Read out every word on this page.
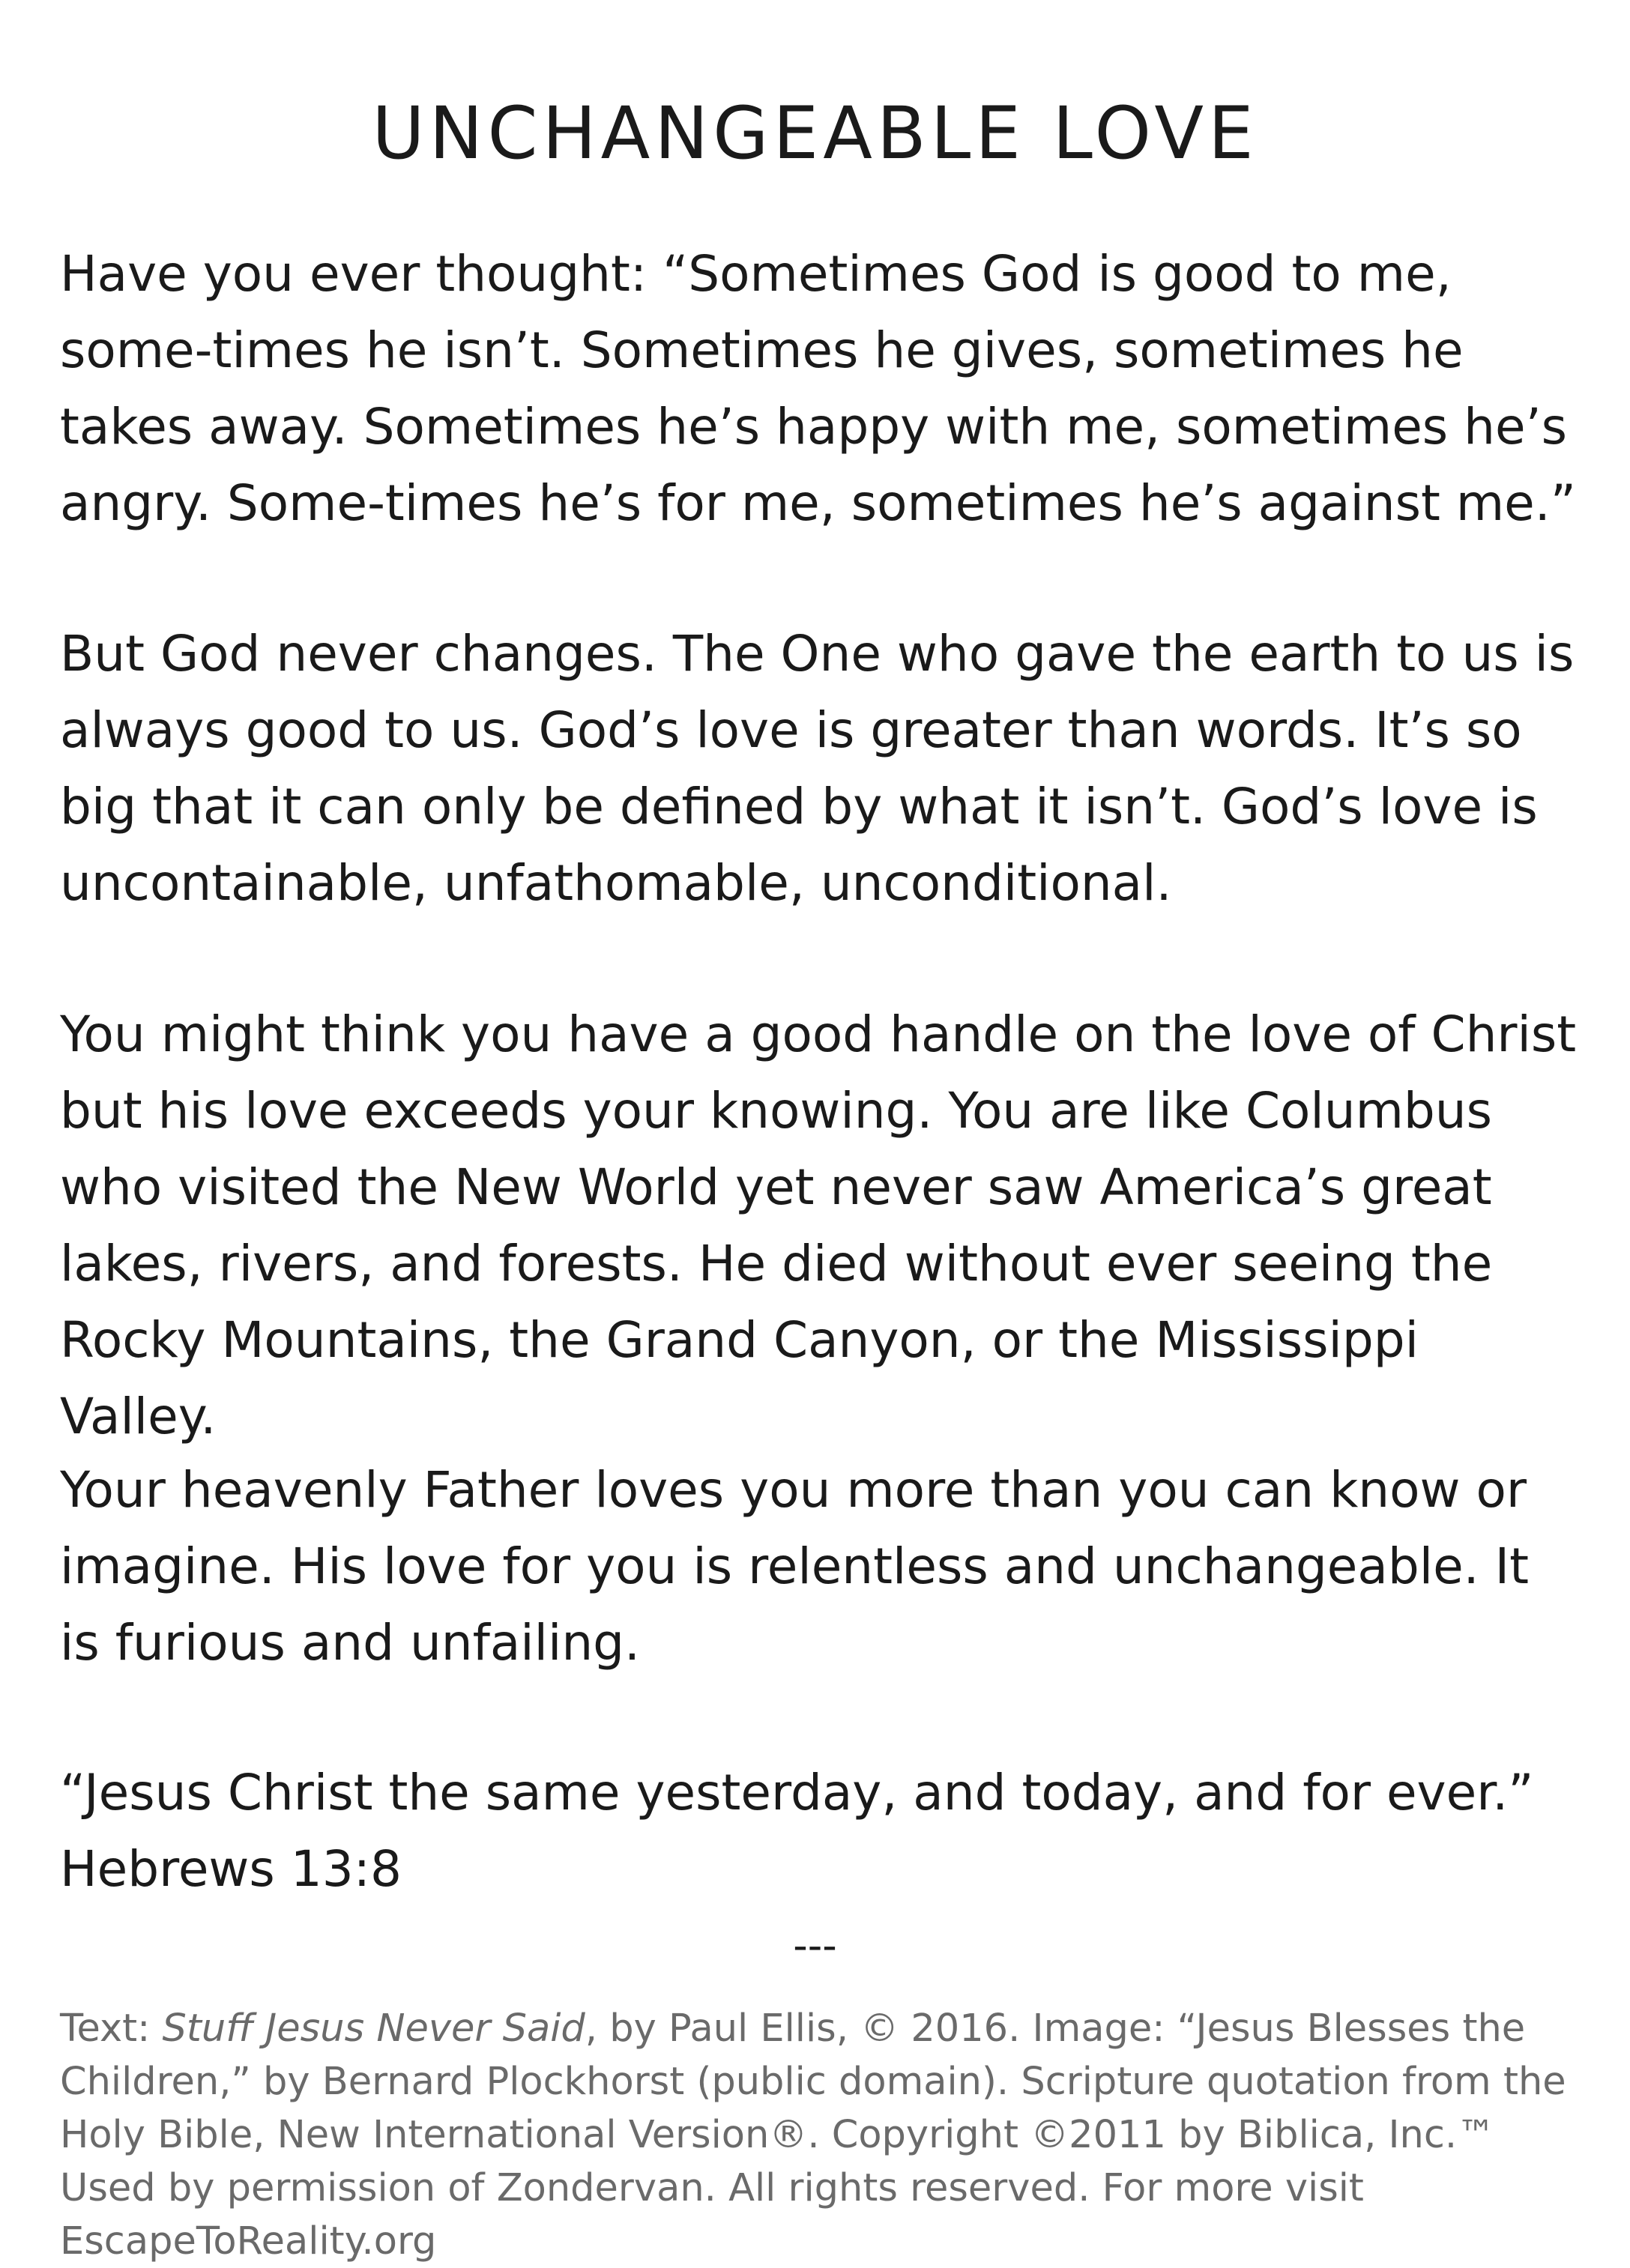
UNCHANGEABLE LOVE

Have you ever thought: “Sometimes God is good to me, some-times he isn’t. Sometimes he gives, sometimes he takes away. Sometimes he’s happy with me, sometimes he’s angry. Some-times he’s for me, sometimes he’s against me.”

But God never changes. The One who gave the earth to us is always good to us. God’s love is greater than words. It’s so big that it can only be defined by what it isn’t. God’s love is uncontainable, unfathomable, unconditional.

You might think you have a good handle on the love of Christ but his love exceeds your knowing. You are like Columbus who visited the New World yet never saw America’s great lakes, rivers, and forests. He died without ever seeing the Rocky Mountains, the Grand Canyon, or the Mississippi Valley.

Your heavenly Father loves you more than you can know or imagine. His love for you is relentless and unchangeable. It is furious and unfailing.

“Jesus Christ the same yesterday, and today, and for ever.”

Hebrews 13:8

---

Text: Stuff Jesus Never Said, by Paul Ellis, © 2016. Image: “Jesus Blesses the Children,” by Bernard Plockhorst (public domain). Scripture quotation from the Holy Bible, New International Version®. Copyright ©2011 by Biblica, Inc.™ Used by permission of Zondervan. All rights reserved. For more visit EscapeToReality.org
